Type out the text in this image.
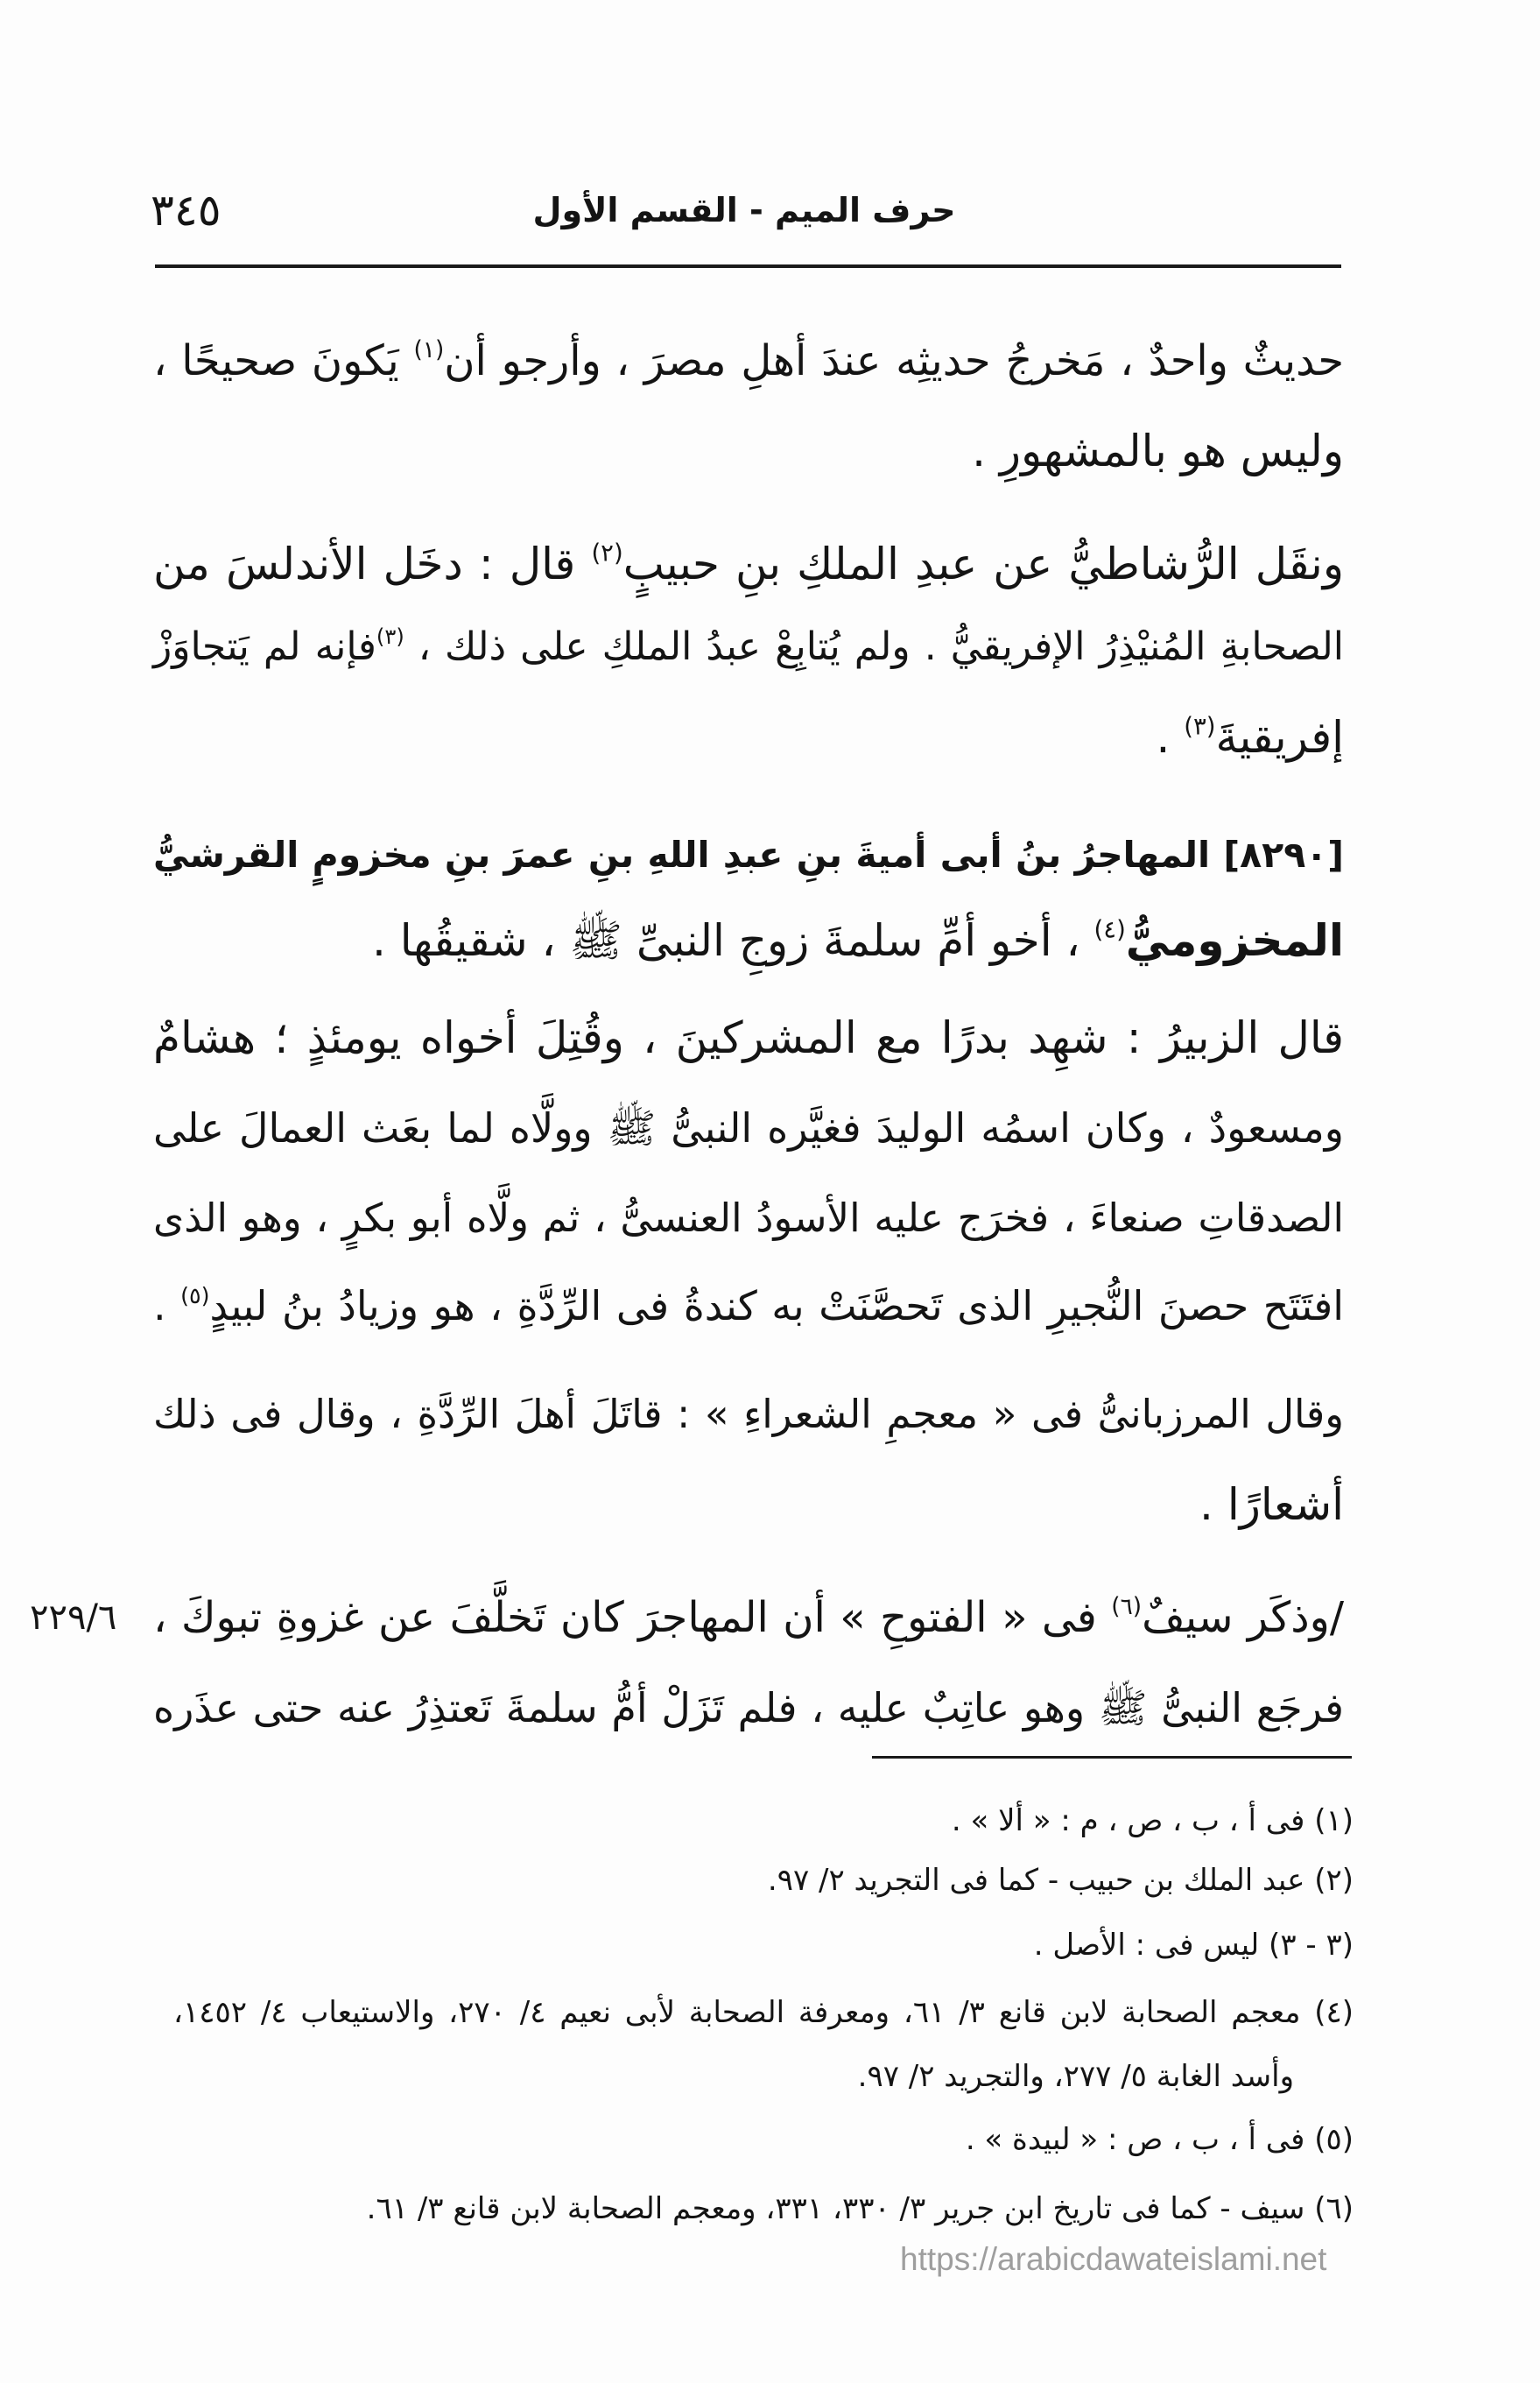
حرف الميم - القسم الأول
٣٤٥
حديثٌ واحدٌ ، مَخرجُ حديثِه عندَ أهلِ مصرَ ، وأرجو أن$^{(١)}$ يَكونَ صحيحًا ،
وليس هو بالمشهورِ .
ونقَل الرُّشاطيُّ عن عبدِ الملكِ بنِ حبيبٍ$^{(٢)}$ قال : دخَل الأندلسَ من
الصحابةِ المُنيْذِرُ الإفريقيُّ . ولم يُتابِعْ عبدُ الملكِ على ذلك ، $^{(٣)}$فإنه لم يَتجاوَزْ
إفريقيةَ$^{(٣)}$ .
[٨٢٩٠] المهاجرُ بنُ أبى أميةَ بنِ عبدِ اللهِ بنِ عمرَ بنِ مخزومٍ القرشيُّ
المخزوميُّ$^{(٤)}$ ، أخو أمِّ سلمةَ زوجِ النبىِّ ﷺ ، شقيقُها .
قال الزبيرُ : شهِد بدرًا مع المشركينَ ، وقُتِلَ أخواه يومئذٍ ؛ هشامٌ
ومسعودٌ ، وكان اسمُه الوليدَ فغيَّره النبىُّ ﷺ وولَّاه لما بعَث العمالَ على
الصدقاتِ صنعاءَ ، فخرَج عليه الأسودُ العنسىُّ ، ثم ولَّاه أبو بكرٍ ، وهو الذى
افتَتَح حصنَ النُّجيرِ الذى تَحصَّنَتْ به كندةُ فى الرِّدَّةِ ، هو وزيادُ بنُ لبيدٍ$^{(٥)}$ .
وقال المرزبانىُّ فى « معجمِ الشعراءِ » : قاتَلَ أهلَ الرِّدَّةِ ، وقال فى ذلك
أشعارًا .
/وذكَر سيفٌ$^{(٦)}$ فى « الفتوحِ » أن المهاجرَ كان تَخلَّفَ عن غزوةِ تبوكَ ،
فرجَع النبىُّ ﷺ وهو عاتِبٌ عليه ، فلم تَزَلْ أمُّ سلمةَ تَعتذِرُ عنه حتى عذَره
٢٢٩/٦
(١) فى أ ، ب ، ص ، م : « ألا » .
(٢) عبد الملك بن حبيب - كما فى التجريد ٢/ ٩٧.
(٣ - ٣) ليس فى : الأصل .
(٤) معجم الصحابة لابن قانع ٣/ ٦١، ومعرفة الصحابة لأبى نعيم ٤/ ٢٧٠، والاستيعاب ٤/ ١٤٥٢،
وأسد الغابة ٥/ ٢٧٧، والتجريد ٢/ ٩٧.
(٥) فى أ ، ب ، ص : « لبيدة » .
(٦) سيف - كما فى تاريخ ابن جرير ٣/ ٣٣٠، ٣٣١، ومعجم الصحابة لابن قانع ٣/ ٦١.
https://arabicdawateislami.net
